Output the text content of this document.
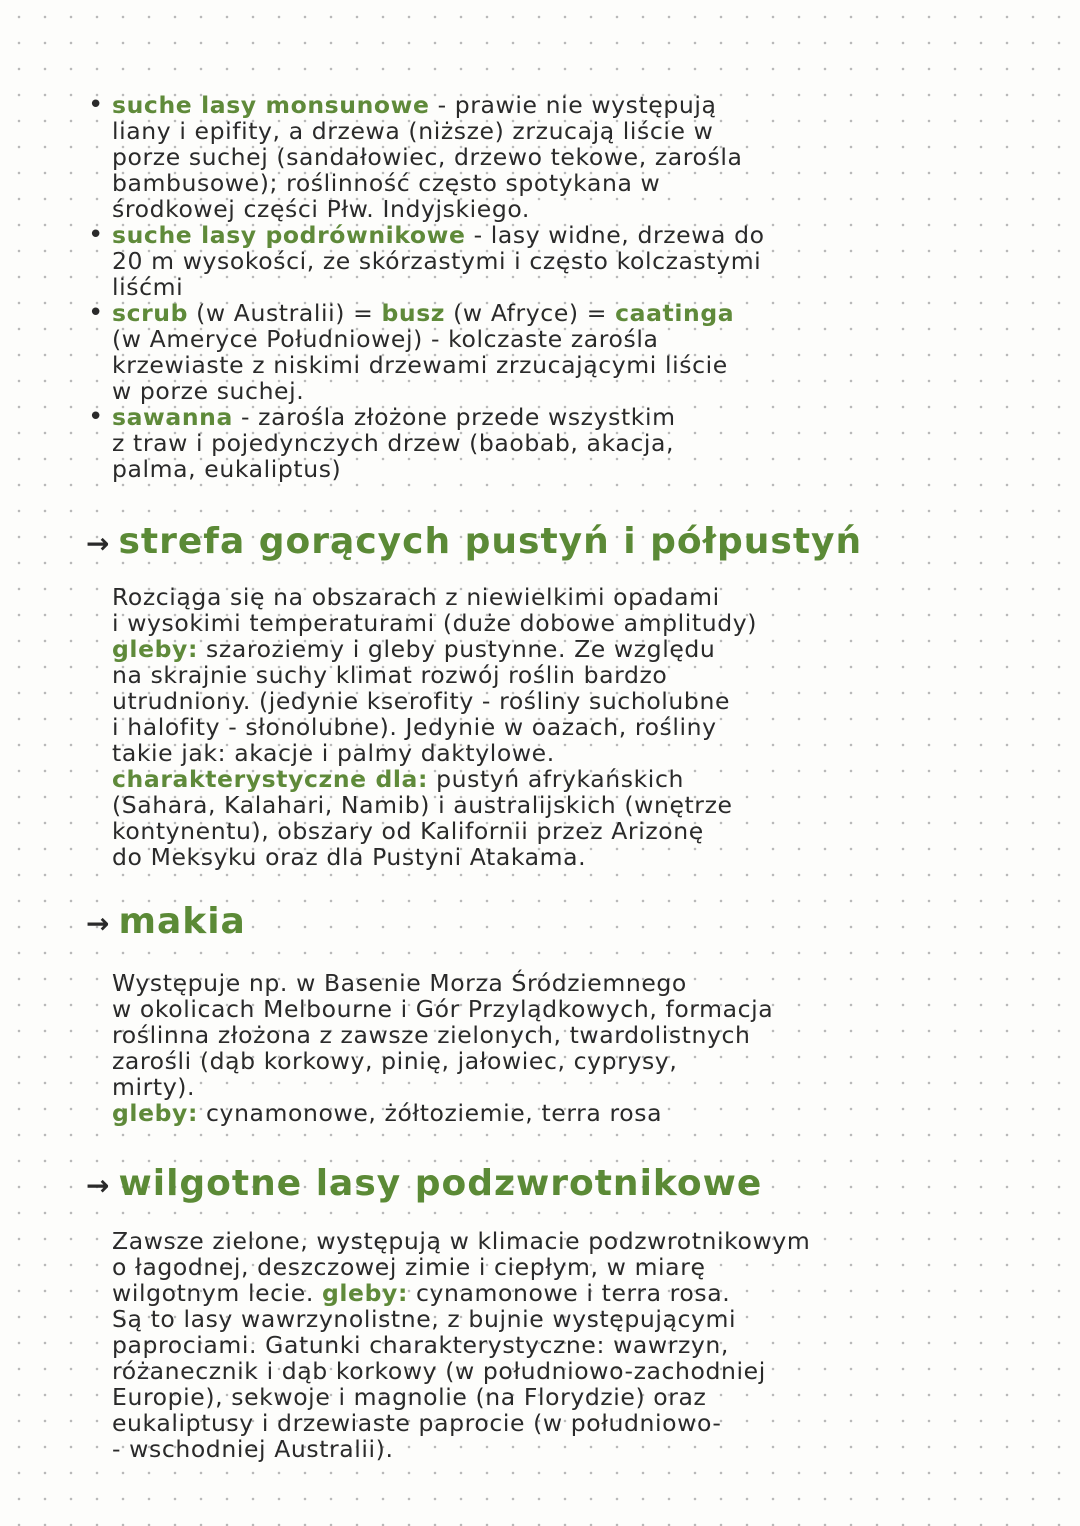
• suche lasy monsunowe - prawie nie występują
liany i epifity, a drzewa (niższe) zrzucają liście w
porze suchej (sandałowiec, drzewo tekowe, zarośla
bambusowe); roślinność często spotykana w
środkowej części Płw. Indyjskiego.
• suche lasy podrównikowe - lasy widne, drzewa do
20 m wysokości, ze skórzastymi i często kolczastymi
liśćmi
• scrub (w Australii) = busz (w Afryce) = caatinga
(w Ameryce Południowej) - kolczaste zarośla
krzewiaste z niskimi drzewami zrzucającymi liście
w porze suchej.
• sawanna - zarośla złożone przede wszystkim
z traw i pojedynczych drzew (baobab, akacja,
palma, eukaliptus)
→ strefa gorących pustyń i półpustyń
Rozciąga się na obszarach z niewielkimi opadami
i wysokimi temperaturami (duże dobowe amplitudy)
gleby: szaroziemy i gleby pustynne. Ze względu
na skrajnie suchy klimat rozwój roślin bardzo
utrudniony. (jedynie kserofity - rośliny sucholubne
i halofity - słonolubne). Jedynie w oazach, rośliny
takie jak: akacje i palmy daktylowe.
charakterystyczne dla: pustyń afrykańskich
(Sahara, Kalahari, Namib) i australijskich (wnętrze
kontynentu), obszary od Kalifornii przez Arizonę
do Meksyku oraz dla Pustyni Atakama.
→ makia
Występuje np. w Basenie Morza Śródziemnego
w okolicach Melbourne i Gór Przylądkowych, formacja
roślinna złożona z zawsze zielonych, twardolistnych
zarośli (dąb korkowy, pinię, jałowiec, cyprysy,
mirty).
gleby: cynamonowe, żółtoziemie, terra rosa
→ wilgotne lasy podzwrotnikowe
Zawsze zielone, występują w klimacie podzwrotnikowym
o łagodnej, deszczowej zimie i ciepłym, w miarę
wilgotnym lecie. gleby: cynamonowe i terra rosa.
Są to lasy wawrzynolistne, z bujnie występującymi
paprociami. Gatunki charakterystyczne: wawrzyn,
różanecznik i dąb korkowy (w południowo-zachodniej
Europie), sekwoje i magnolie (na Florydzie) oraz
eukaliptusy i drzewiaste paprocie (w południowo-
- wschodniej Australii).
